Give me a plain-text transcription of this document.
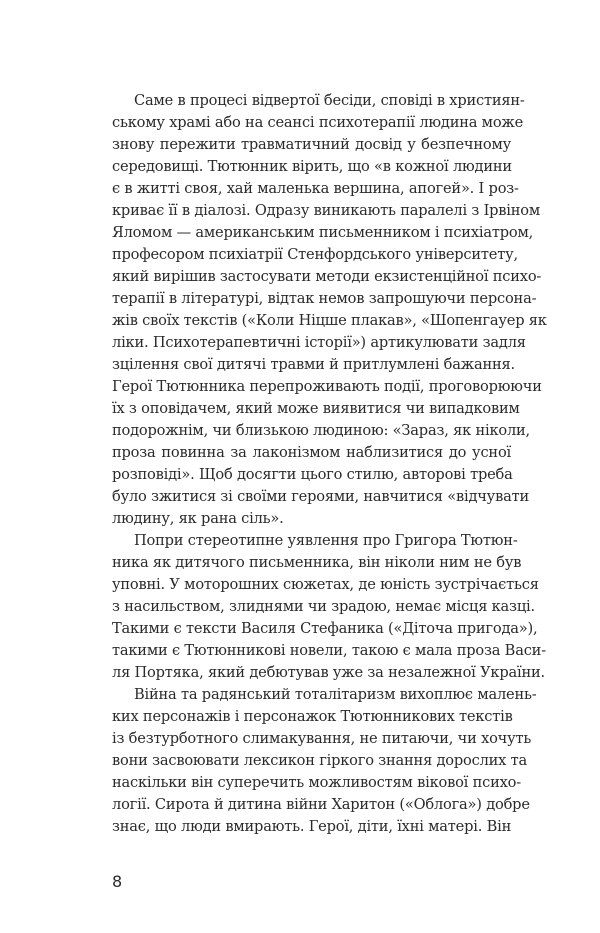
Саме в процесі відвертої бесіди, сповіді в християн-
ському храмі або на сеансі психотерапії людина може
знову пережити травматичний досвід у безпечному
середовищі. Тютюнник вірить, що «в кожної людини
є в житті своя, хай маленька вершина, апогей». І роз-
криває її в діалозі. Одразу виникають паралелі з Ірвіном
Яломом — американським письменником і психіатром,
професором психіатрії Стенфордського університету,
який вирішив застосувати методи екзистенційної психо-
терапії в літературі, відтак немов запрошуючи персона-
жів своїх текстів («Коли Ніцше плакав», «Шопенгауер як
ліки. Психотерапевтичні історії») артикулювати задля
зцілення свої дитячі травми й притлумлені бажання.
Герої Тютюнника перепроживають події, проговорюючи
їх з оповідачем, який може виявитися чи випадковим
подорожнім, чи близькою людиною: «Зараз, як ніколи,
проза повинна за лаконізмом наблизитися до усної
розповіді». Щоб досягти цього стилю, авторові треба
було зжитися зі своїми героями, навчитися «відчувати
людину, як рана сіль».
Попри стереотипне уявлення про Григора Тютюн-
ника як дитячого письменника, він ніколи ним не був
уповні. У моторошних сюжетах, де юність зустрічається
з насильством, злиднями чи зрадою, немає місця казці.
Такими є тексти Василя Стефаника («Діточа пригода»),
такими є Тютюнникові новели, такою є мала проза Васи-
ля Портяка, який дебютував уже за незалежної України.
Війна та радянський тоталітаризм вихоплює малень-
ких персонажів і персонажок Тютюнникових текстів
із безтурботного слимакування, не питаючи, чи хочуть
вони засвоювати лексикон гіркого знання дорослих та
наскільки він суперечить можливостям вікової психо-
логії. Сирота й дитина війни Харитон («Облога») добре
знає, що люди вмирають. Герої, діти, їхні матері. Він
8
